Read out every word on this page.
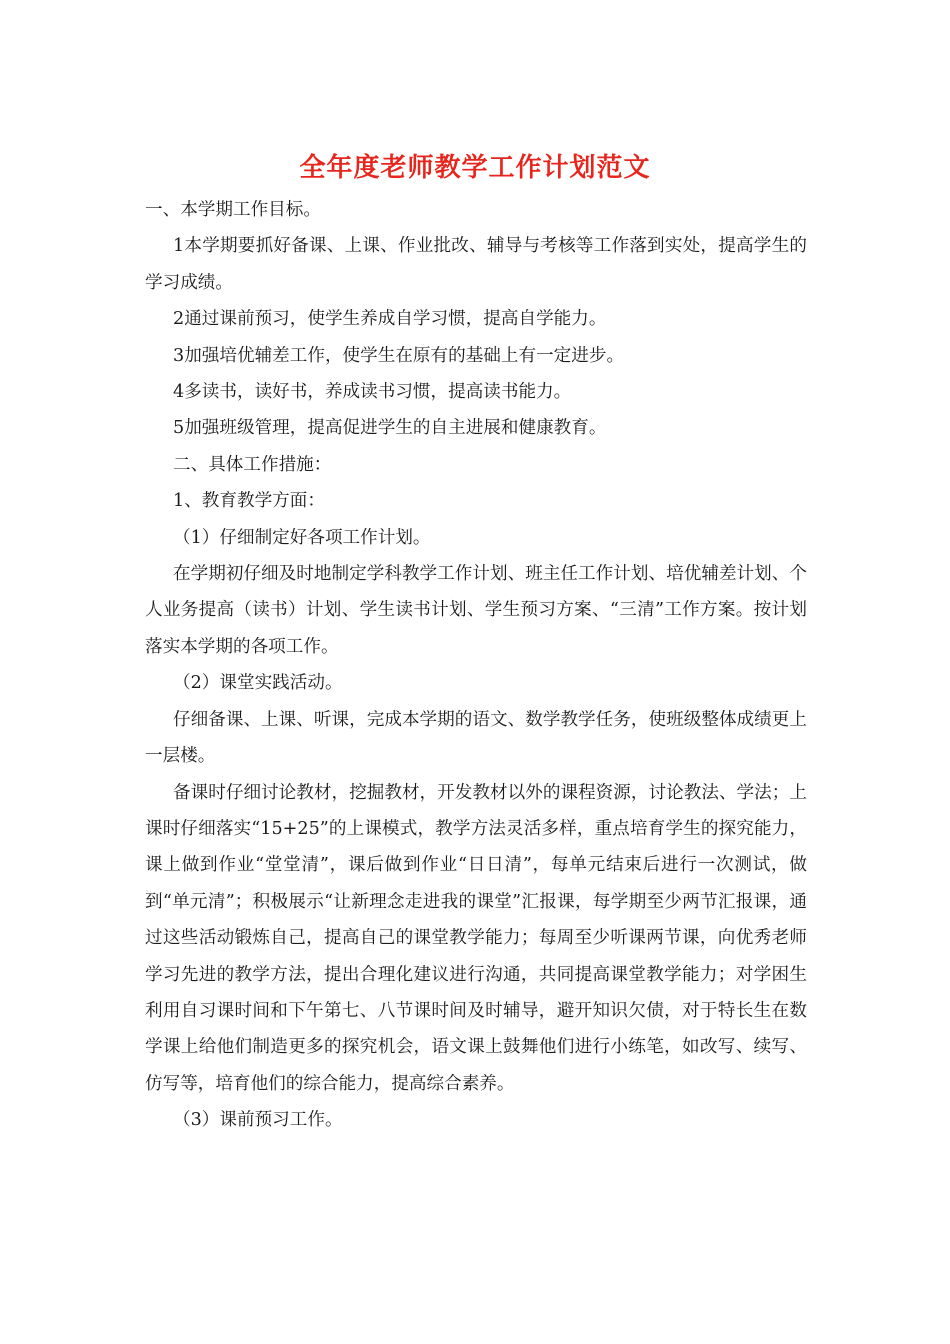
全年度老师教学工作计划范文

一、本学期工作目标。

1本学期要抓好备课、上课、作业批改、辅导与考核等工作落到实处，提高学生的学习成绩。

2通过课前预习，使学生养成自学习惯，提高自学能力。

3加强培优辅差工作，使学生在原有的基础上有一定进步。

4多读书，读好书，养成读书习惯，提高读书能力。

5加强班级管理，提高促进学生的自主进展和健康教育。

二、具体工作措施：

1、教育教学方面：

（1）仔细制定好各项工作计划。

在学期初仔细及时地制定学科教学工作计划、班主任工作计划、培优辅差计划、个人业务提高（读书）计划、学生读书计划、学生预习方案、“三清”工作方案。按计划落实本学期的各项工作。

（2）课堂实践活动。

仔细备课、上课、听课，完成本学期的语文、数学教学任务，使班级整体成绩更上一层楼。

备课时仔细讨论教材，挖掘教材，开发教材以外的课程资源，讨论教法、学法；上课时仔细落实“15+25”的上课模式，教学方法灵活多样，重点培育学生的探究能力，课上做到作业“堂堂清”，课后做到作业“日日清”，每单元结束后进行一次测试，做到“单元清”；积极展示“让新理念走进我的课堂”汇报课，每学期至少两节汇报课，通过这些活动锻炼自己，提高自己的课堂教学能力；每周至少听课两节课，向优秀老师学习先进的教学方法，提出合理化建议进行沟通，共同提高课堂教学能力；对学困生利用自习课时间和下午第七、八节课时间及时辅导，避开知识欠债，对于特长生在数学课上给他们制造更多的探究机会，语文课上鼓舞他们进行小练笔，如改写、续写、仿写等，培育他们的综合能力，提高综合素养。

（3）课前预习工作。
